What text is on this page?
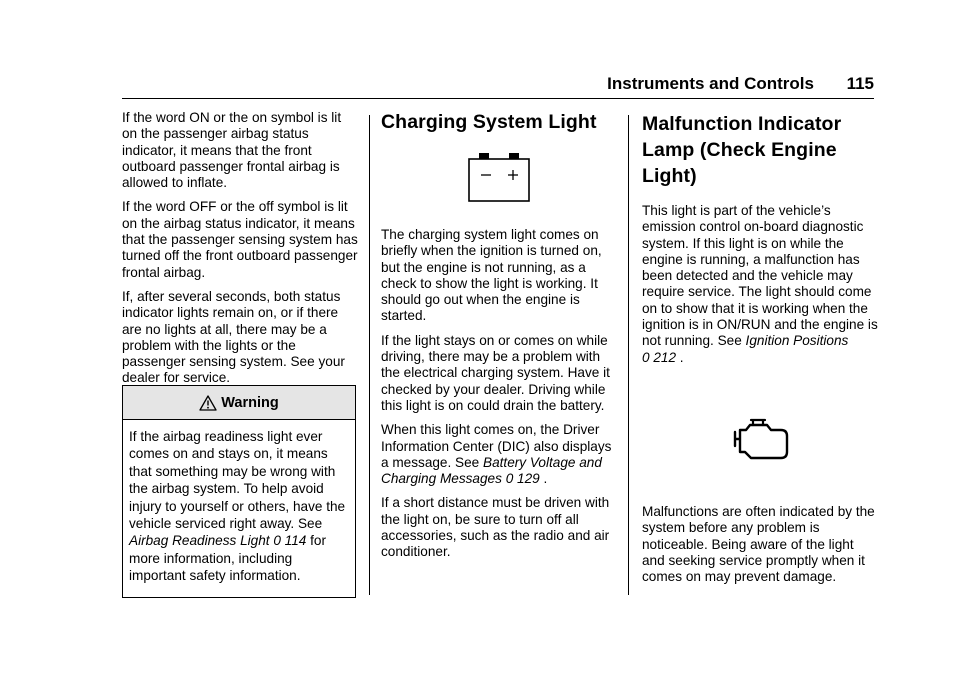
Instruments and Controls 115

If the word ON or the on symbol is lit on the passenger airbag status indicator, it means that the front outboard passenger frontal airbag is allowed to inflate.

If the word OFF or the off symbol is lit on the airbag status indicator, it means that the passenger sensing system has turned off the front outboard passenger frontal airbag.

If, after several seconds, both status indicator lights remain on, or if there are no lights at all, there may be a problem with the lights or the passenger sensing system. See your dealer for service.

Warning
If the airbag readiness light ever comes on and stays on, it means that something may be wrong with the airbag system. To help avoid injury to yourself or others, have the vehicle serviced right away. See Airbag Readiness Light 0 114 for more information, including important safety information.
Charging System Light

The charging system light comes on briefly when the ignition is turned on, but the engine is not running, as a check to show the light is working. It should go out when the engine is started.

If the light stays on or comes on while driving, there may be a problem with the electrical charging system. Have it checked by your dealer. Driving while this light is on could drain the battery.

When this light comes on, the Driver Information Center (DIC) also displays a message. See Battery Voltage and Charging Messages 0 129 .

If a short distance must be driven with the light on, be sure to turn off all accessories, such as the radio and air conditioner.

Malfunction Indicator Lamp (Check Engine Light)

This light is part of the vehicle’s emission control on-board diagnostic system. If this light is on while the engine is running, a malfunction has been detected and the vehicle may require service. The light should come on to show that it is working when the ignition is in ON/RUN and the engine is not running. See Ignition Positions
0 212 .

Malfunctions are often indicated by the system before any problem is noticeable. Being aware of the light and seeking service promptly when it comes on may prevent damage.
